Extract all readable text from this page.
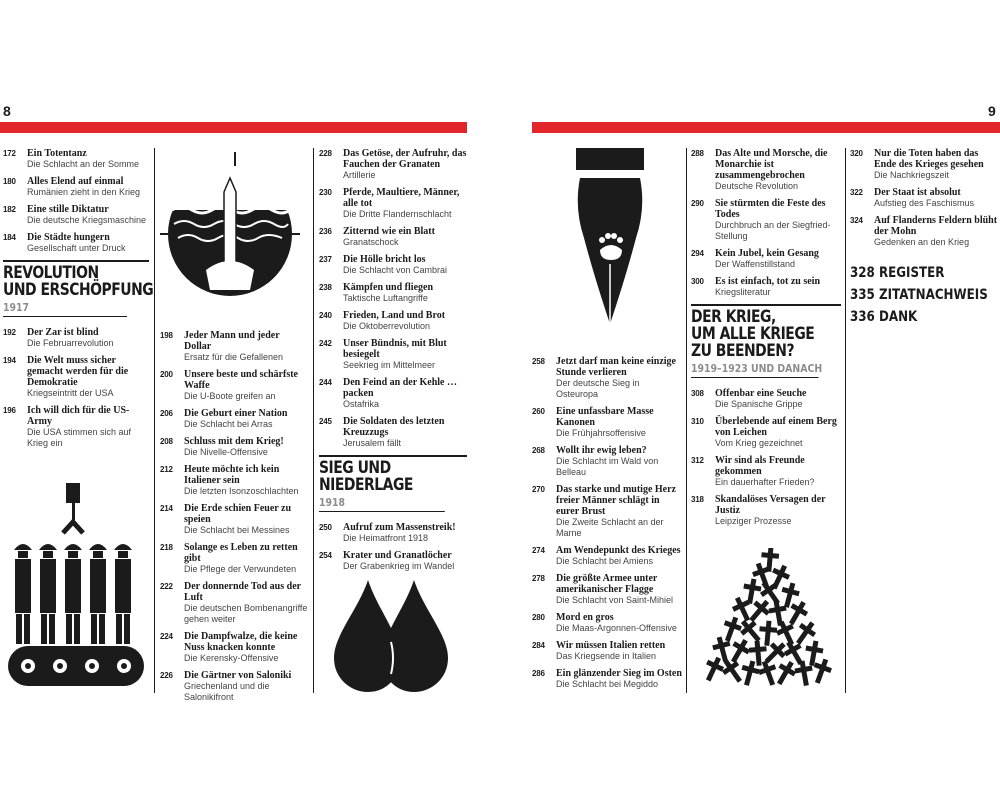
8
172 Ein Totentanz
Die Schlacht an der Somme
180 Alles Elend auf einmal
Rumänien zieht in den Krieg
182 Eine stille Diktatur
Die deutsche Kriegsmaschine
184 Die Städte hungern
Gesellschaft unter Druck
REVOLUTION
UND ERSCHÖPFUNG
1917
192 Der Zar ist blind
Die Februarrevolution
194 Die Welt muss sicher gemacht werden für die Demokratie
Kriegseintritt der USA
196 Ich will dich für die US-Army
Die USA stimmen sich auf Krieg ein
198 Jeder Mann und jeder Dollar
Ersatz für die Gefallenen
200 Unsere beste und schärfste Waffe
Die U-Boote greifen an
206 Die Geburt einer Nation
Die Schlacht bei Arras
208 Schluss mit dem Krieg!
Die Nivelle-Offensive
212 Heute möchte ich kein Italiener sein
Die letzten Isonzoschlachten
214 Die Erde schien Feuer zu speien
Die Schlacht bei Messines
218 Solange es Leben zu retten gibt
Die Pflege der Verwundeten
222 Der donnernde Tod aus der Luft
Die deutschen Bombenangriffe gehen weiter
224 Die Dampfwalze, die keine Nuss knacken konnte
Die Kerensky-Offensive
226 Die Gärtner von Saloniki
Griechenland und die Salonikifront
228 Das Getöse, der Aufruhr, das Fauchen der Granaten
Artillerie
230 Pferde, Maultiere, Männer, alle tot
Die Dritte Flandernschlacht
236 Zitternd wie ein Blatt
Granatschock
237 Die Hölle bricht los
Die Schlacht von Cambrai
238 Kämpfen und fliegen
Taktische Luftangriffe
240 Frieden, Land und Brot
Die Oktoberrevolution
242 Unser Bündnis, mit Blut besiegelt
Seekrieg im Mittelmeer
244 Den Feind an der Kehle … packen
Ostafrika
245 Die Soldaten des letzten Kreuzzugs
Jerusalem fällt
SIEG UND
NIEDERLAGE
1918
250 Aufruf zum Massenstreik!
Die Heimatfront 1918
254 Krater und Granatlöcher
Der Grabenkrieg im Wandel
9
258 Jetzt darf man keine einzige Stunde verlieren
Der deutsche Sieg in Osteuropa
260 Eine unfassbare Masse Kanonen
Die Frühjahrsoffensive
268 Wollt ihr ewig leben?
Die Schlacht im Wald von Belleau
270 Das starke und mutige Herz freier Männer schlägt in eurer Brust
Die Zweite Schlacht an der Marne
274 Am Wendepunkt des Krieges
Die Schlacht bei Amiens
278 Die größte Armee unter amerikanischer Flagge
Die Schlacht von Saint-Mihiel
280 Mord en gros
Die Maas-Argonnen-Offensive
284 Wir müssen Italien retten
Das Kriegsende in Italien
286 Ein glänzender Sieg im Osten
Die Schlacht bei Megiddo
288 Das Alte und Morsche, die Monarchie ist zusammengebrochen
Deutsche Revolution
290 Sie stürmten die Feste des Todes
Durchbruch an der Siegfried-Stellung
294 Kein Jubel, kein Gesang
Der Waffenstillstand
300 Es ist einfach, tot zu sein
Kriegsliteratur
DER KRIEG,
UM ALLE KRIEGE
ZU BEENDEN?
1919–1923 UND DANACH
308 Offenbar eine Seuche
Die Spanische Grippe
310 Überlebende auf einem Berg von Leichen
Vom Krieg gezeichnet
312 Wir sind als Freunde gekommen
Ein dauerhafter Frieden?
318 Skandalöses Versagen der Justiz
Leipziger Prozesse
320 Nur die Toten haben das Ende des Krieges gesehen
Die Nachkriegszeit
322 Der Staat ist absolut
Aufstieg des Faschismus
324 Auf Flanderns Feldern blüht der Mohn
Gedenken an den Krieg
328 REGISTER
335 ZITATNACHWEIS
336 DANK
